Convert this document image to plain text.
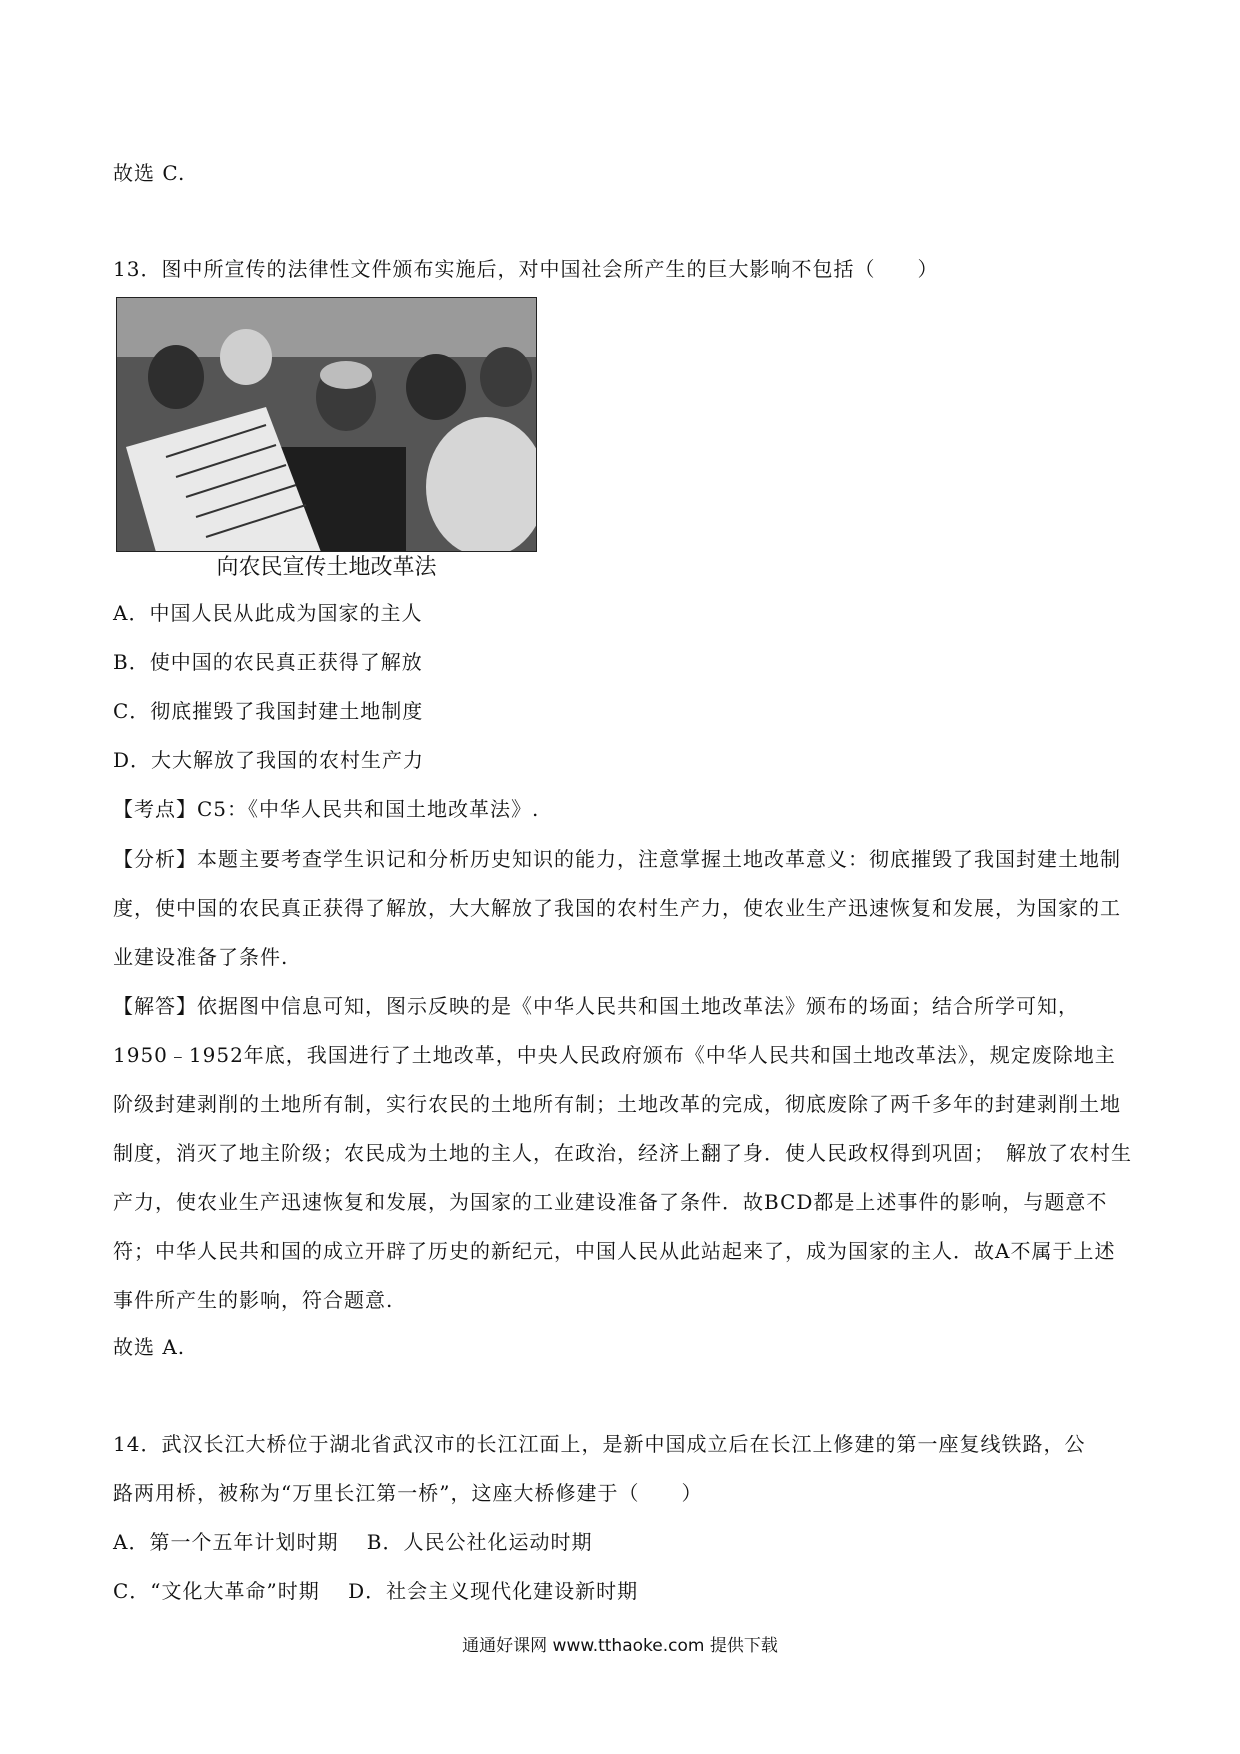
故选 C.
13．图中所宣传的法律性文件颁布实施后，对中国社会所产生的巨大影响不包括（　　）
向农民宣传土地改革法
A．中国人民从此成为国家的主人
B．使中国的农民真正获得了解放
C．彻底摧毁了我国封建土地制度
D．大大解放了我国的农村生产力
【考点】C5：《中华人民共和国土地改革法》.
【分析】本题主要考查学生识记和分析历史知识的能力，注意掌握土地改革意义：彻底摧毁了我国封建土地制度，使中国的农民真正获得了解放，大大解放了我国的农村生产力，使农业生产迅速恢复和发展，为国家的工业建设准备了条件.
【解答】依据图中信息可知，图示反映的是《中华人民共和国土地改革法》颁布的场面；结合所学可知，1950﹣1952年底，我国进行了土地改革，中央人民政府颁布《中华人民共和国土地改革法》，规定废除地主阶级封建剥削的土地所有制，实行农民的土地所有制；土地改革的完成，彻底废除了两千多年的封建剥削土地制度，消灭了地主阶级；农民成为土地的主人，在政治，经济上翻了身．使人民政权得到巩固；　解放了农村生产力，使农业生产迅速恢复和发展，为国家的工业建设准备了条件．故BCD都是上述事件的影响，与题意不符；中华人民共和国的成立开辟了历史的新纪元，中国人民从此站起来了，成为国家的主人．故A不属于上述事件所产生的影响，符合题意.
故选 A.
14．武汉长江大桥位于湖北省武汉市的长江江面上，是新中国成立后在长江上修建的第一座复线铁路，公
路两用桥，被称为“万里长江第一桥”，这座大桥修建于（　　）
A．第一个五年计划时期　 B．人民公社化运动时期
C．“文化大革命”时期　 D．社会主义现代化建设新时期
通通好课网 www.tthaoke.com 提供下载
